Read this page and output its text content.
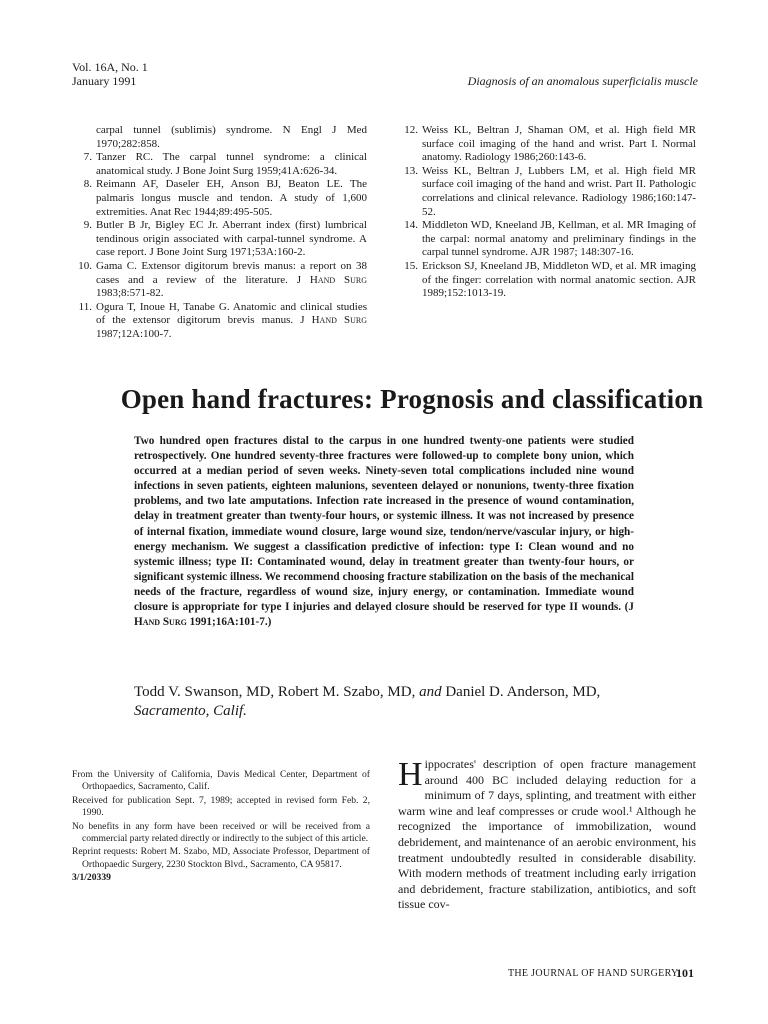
Vol. 16A, No. 1
January 1991	Diagnosis of an anomalous superficialis muscle

carpal tunnel (sublimis) syndrome. N Engl J Med 1970;282:858.

7. Tanzer RC. The carpal tunnel syndrome: a clinical anatomical study. J Bone Joint Surg 1959;41A:626-34.

8. Reimann AF, Daseler EH, Anson BJ, Beaton LE. The palmaris longus muscle and tendon. A study of 1,600 extremities. Anat Rec 1944;89:495-505.

9. Butler B Jr, Bigley EC Jr. Aberrant index (first) lumbrical tendinous origin associated with carpal-tunnel syndrome. A case report. J Bone Joint Surg 1971;53A:160-2.

10. Gama C. Extensor digitorum brevis manus: a report on 38 cases and a review of the literature. J Hand Surg 1983;8:571-82.

11. Ogura T, Inoue H, Tanabe G. Anatomic and clinical studies of the extensor digitorum brevis manus. J Hand Surg 1987;12A:100-7.

12. Weiss KL, Beltran J, Shaman OM, et al. High field MR surface coil imaging of the hand and wrist. Part I. Normal anatomy. Radiology 1986;260:143-6.

13. Weiss KL, Beltran J, Lubbers LM, et al. High field MR surface coil imaging of the hand and wrist. Part II. Pathologic correlations and clinical relevance. Radiology 1986;160:147-52.

14. Middleton WD, Kneeland JB, Kellman, et al. MR Imaging of the carpal: normal anatomy and preliminary findings in the carpal tunnel syndrome. AJR 1987; 148:307-16.

15. Erickson SJ, Kneeland JB, Middleton WD, et al. MR imaging of the finger: correlation with normal anatomic section. AJR 1989;152:1013-19.

Open hand fractures: Prognosis and classification
Two hundred open fractures distal to the carpus in one hundred twenty-one patients were studied retrospectively. One hundred seventy-three fractures were followed-up to complete bony union, which occurred at a median period of seven weeks. Ninety-seven total complications included nine wound infections in seven patients, eighteen malunions, seventeen delayed or nonunions, twenty-three fixation problems, and two late amputations. Infection rate increased in the presence of wound contamination, delay in treatment greater than twenty-four hours, or systemic illness. It was not increased by presence of internal fixation, immediate wound closure, large wound size, tendon/nerve/vascular injury, or high-energy mechanism. We suggest a classification predictive of infection: type I: Clean wound and no systemic illness; type II: Contaminated wound, delay in treatment greater than twenty-four hours, or significant systemic illness. We recommend choosing fracture stabilization on the basis of the mechanical needs of the fracture, regardless of wound size, injury energy, or contamination. Immediate wound closure is appropriate for type I injuries and delayed closure should be reserved for type II wounds. (J Hand Surg 1991;16A:101-7.)
Todd V. Swanson, MD, Robert M. Szabo, MD, and Daniel D. Anderson, MD,
Sacramento, Calif.

From the University of California, Davis Medical Center, Department of Orthopaedics, Sacramento, Calif.

Received for publication Sept. 7, 1989; accepted in revised form Feb. 2, 1990.

No benefits in any form have been received or will be received from a commercial party related directly or indirectly to the subject of this article.

Reprint requests: Robert M. Szabo, MD, Associate Professor, Department of Orthopaedic Surgery, 2230 Stockton Blvd., Sacramento, CA 95817.

3/1/20339

Hippocrates' description of open fracture management around 400 BC included delaying reduction for a minimum of 7 days, splinting, and treatment with either warm wine and leaf compresses or crude wool.¹ Although he recognized the importance of immobilization, wound debridement, and maintenance of an aerobic environment, his treatment undoubtedly resulted in considerable disability. With modern methods of treatment including early irrigation and debridement, fracture stabilization, antibiotics, and soft tissue cov-
THE JOURNAL OF HAND SURGERY
101
